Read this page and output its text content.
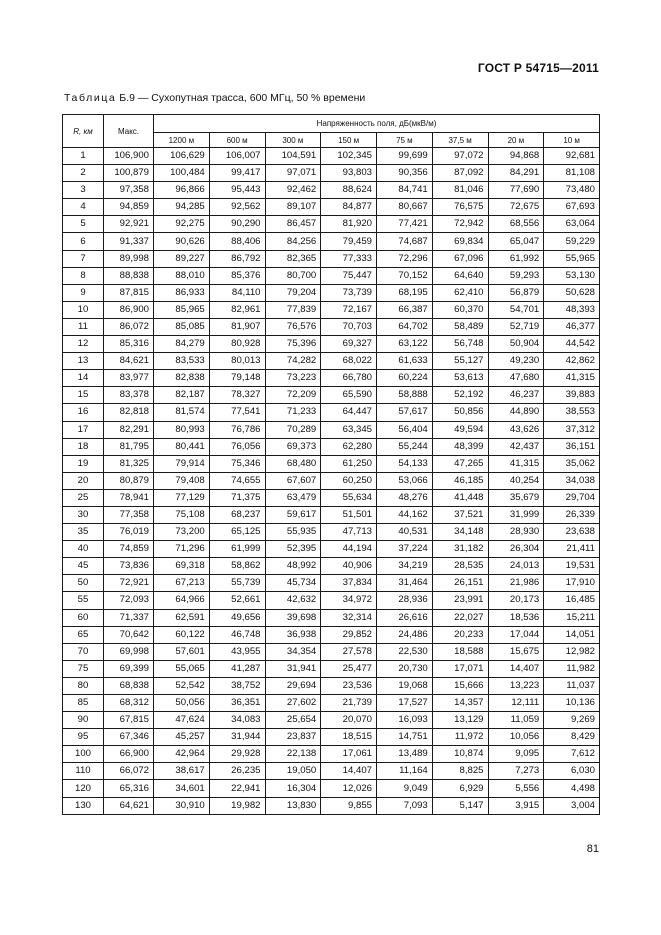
ГОСТ Р 54715—2011
Таблица Б.9 — Сухопутная трасса, 600 МГц, 50 % времени
R, км	Макс.	Напряженность поля, дБ(мкВ/м)							
		1200 м	600 м	300 м	150 м	75 м	37,5 м	20 м	10 м
1	106,900	106,629	106,007	104,591	102,345	99,699	97,072	94,868	92,681
2	100,879	100,484	99,417	97,071	93,803	90,356	87,092	84,291	81,108
3	97,358	96,866	95,443	92,462	88,624	84,741	81,046	77,690	73,480
4	94,859	94,285	92,562	89,107	84,877	80,667	76,575	72,675	67,693
5	92,921	92,275	90,290	86,457	81,920	77,421	72,942	68,556	63,064
6	91,337	90,626	88,406	84,256	79,459	74,687	69,834	65,047	59,229
7	89,998	89,227	86,792	82,365	77,333	72,296	67,096	61,992	55,965
8	88,838	88,010	85,376	80,700	75,447	70,152	64,640	59,293	53,130
9	87,815	86,933	84,110	79,204	73,739	68,195	62,410	56,879	50,628
10	86,900	85,965	82,961	77,839	72,167	66,387	60,370	54,701	48,393
11	86,072	85,085	81,907	76,576	70,703	64,702	58,489	52,719	46,377
12	85,316	84,279	80,928	75,396	69,327	63,122	56,748	50,904	44,542
13	84,621	83,533	80,013	74,282	68,022	61,633	55,127	49,230	42,862
14	83,977	82,838	79,148	73,223	66,780	60,224	53,613	47,680	41,315
15	83,378	82,187	78,327	72,209	65,590	58,888	52,192	46,237	39,883
16	82,818	81,574	77,541	71,233	64,447	57,617	50,856	44,890	38,553
17	82,291	80,993	76,786	70,289	63,345	56,404	49,594	43,626	37,312
18	81,795	80,441	76,056	69,373	62,280	55,244	48,399	42,437	36,151
19	81,325	79,914	75,346	68,480	61,250	54,133	47,265	41,315	35,062
20	80,879	79,408	74,655	67,607	60,250	53,066	46,185	40,254	34,038
25	78,941	77,129	71,375	63,479	55,634	48,276	41,448	35,679	29,704
30	77,358	75,108	68,237	59,617	51,501	44,162	37,521	31,999	26,339
35	76,019	73,200	65,125	55,935	47,713	40,531	34,148	28,930	23,638
40	74,859	71,296	61,999	52,395	44,194	37,224	31,182	26,304	21,411
45	73,836	69,318	58,862	48,992	40,906	34,219	28,535	24,013	19,531
50	72,921	67,213	55,739	45,734	37,834	31,464	26,151	21,986	17,910
55	72,093	64,966	52,661	42,632	34,972	28,936	23,991	20,173	16,485
60	71,337	62,591	49,656	39,698	32,314	26,616	22,027	18,536	15,211
65	70,642	60,122	46,748	36,938	29,852	24,486	20,233	17,044	14,051
70	69,998	57,601	43,955	34,354	27,578	22,530	18,588	15,675	12,982
75	69,399	55,065	41,287	31,941	25,477	20,730	17,071	14,407	11,982
80	68,838	52,542	38,752	29,694	23,536	19,068	15,666	13,223	11,037
85	68,312	50,056	36,351	27,602	21,739	17,527	14,357	12,111	10,136
90	67,815	47,624	34,083	25,654	20,070	16,093	13,129	11,059	9,269
95	67,346	45,257	31,944	23,837	18,515	14,751	11,972	10,056	8,429
100	66,900	42,964	29,928	22,138	17,061	13,489	10,874	9,095	7,612
110	66,072	38,617	26,235	19,050	14,407	11,164	8,825	7,273	6,030
120	65,316	34,601	22,941	16,304	12,026	9,049	6,929	5,556	4,498
130	64,621	30,910	19,982	13,830	9,855	7,093	5,147	3,915	3,004
81
